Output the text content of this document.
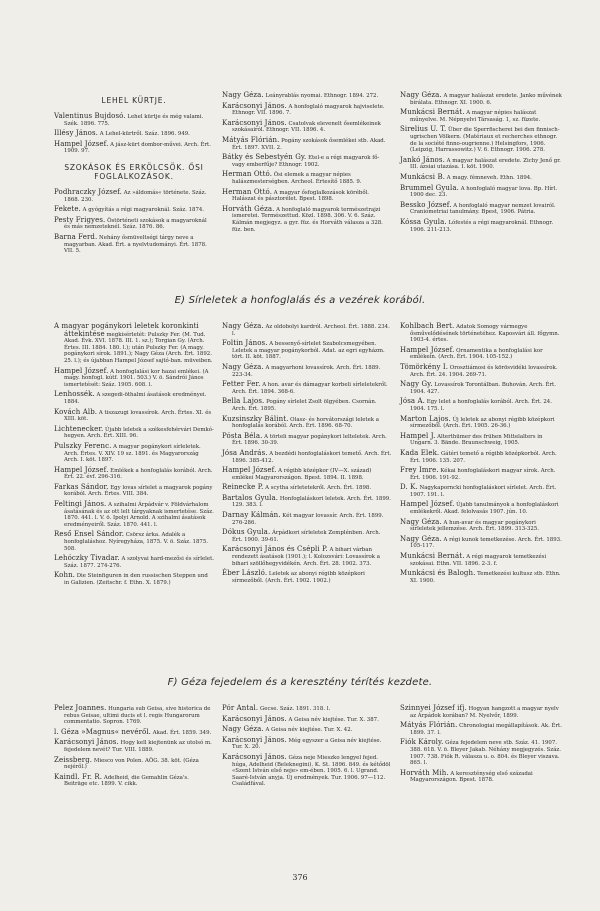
LEHEL KÜRTJE.
Valentinus Bujdosó. Lehel kürtje és még valami. Szék. 1896. 775.
Illésy János. A Lehel-kürtről. Száz. 1896. 949.
Hampel József. A jász-kürt dombor-művei. Arch. Ért. 1909. 97.
SZOKÁSOK ÉS ERKÖLCSÖK. ŐSI FOGLALKOZÁSOK.
Podhraczky József. Az »áldomás« története. Száz. 1868. 230.
Fekete. A gyógyítás a régi magyaroknál. Száz. 1874.
Pesty Frigyes. Östörténeti szokások a magyaroknál és más nemzeteknél. Száz. 1876. 86.
Barna Ferd. Nehány ősmüveltségi tárgy neve a magyarban. Akad. Ért. a nyelvtudományi. Ért. 1878. VII. 5.
Nagy Géza. Leányrablás nyomai. Ethnogr. 1894. 272.
Karácsonyi János. A honfoglaló magyarok hajviselete. Ethnogr. VII. 1896. 7.
Karácsonyi János. Csatolvak elevenelt ősemlékeinek szokásairól. Ethnogr. VII. 1896. 4.
Mátyás Flórián. Pogány szokások ősemlékei stb. Akad. Ért. 1897. XVII. 2.
Bátky és Sebestyén Gy. Etel-e a régi magyarok fő-vagy emberfűje? Ethnogr. 1902.
Herman Ottó. Ősi elemek a magyar népies halászmesterségben. Archeol. Értesítő 1885. 9.
Herman Ottó. A magyar ősfoglalkozások köréből. Halászat és pásztorélet. Bpest. 1898.
Horváth Géza. A honfoglaló magyarok természetrajzi ismeretei. Természettud. Közl. 1898. 306. V. 6. Száz. Kálmán megjegyz. a gyr. füz. és Horváth válasza a 328. füz. ben.
Nagy Géza. A magyar halászat eredete. Janko művének bírálata. Ethnogr. XI. 1900. 6.
Munkácsi Bernát. A magyar népies halászat műnyelve. M. Népnyelvi Társaság. 1, sz. füzete.
Sirelius U. T. Über die Sperrfischerei bei den finnisch-ugrischen Völkern. (Matériaux et recherches ethnogr. de la société finno-ougrienne.) Helsingfors, 1906. (Leipzig, Harrassowitz.) V. 6. Ethnogr. 1906. 278.
Jankó János. A magyar halászat eredete. Zichy Jenő gr. III. ázsiai utazása. I. köt. 1900.
Munkácsi B. A magy. fémneveh. Ethn. 1894.
Brummel Gyula. A honfoglaló magyar lova. Bp. Hírl. 1900 dec. 23.
Bessko József. A honfoglaló magyar nemzet lovairól. Craniometriai tanulmány. Bpest, 1906. Pátria.
Kóssa Gyula. Lófestés a régi magyaroknál. Ethnogr. 1906. 211-213.
E) Sírleletek a honfoglalás és a vezérek korából.
A magyar pogánykori leletek koronkinti áttekintése megkisérletét: Pulszky Fer. (M. Tud. Akad. Évk. XVI. 1878. III. 1. sz.); Torgian Gy. (Arch. Értes. III. 1884. 180. l.); után Pulszky Fer. (A magy. pogánykori sírok. 1891.); Nagy Géza (Arch. Ért. 1892. 25. l.); és újabban Hampel József sajtó-ban. müveiben.
Hampel József. A honfoglalási kor hazai emlékei. (A magy. honfogl. kútf. 1901. 503.) V. ö. Sándrói János ismertetését: Száz. 1905. 608. l.
Lenhossék. A szegedi-öthalmi ásatások eredményei. 1884.
Kovách Alb. A tiszazugi lovassírok. Arch. Értes. XI. és XIII. köt.
Lichtenecker. Újabb leletek a székesfehérvári Demkó-hegyen. Arch. Ért. XIII. 96.
Pulszky Ferenc. A magyar pogánykori sírleletek. Arch. Értes. V. XIV. 19 sz. 1891. és Magyarország Arch. I. köt. 1897.
Hampel József. Emlékek a honfoglalás korából. Arch. Ért. 22. évf. 296-316.
Farkas Sándor. Egy lovas sírlelet a magyarok pogány korából. Arch. Értes. VIII. 384.
Feltingi János. A szihalmi Árpádvár v. Földvárhalom ásatásának és az ott lelt tárgyaknak ismertetése. Száz. 1870. 441. l. V. ö. Ipolyi Arnold. A szihalmi ásatások eredményeiről. Száz. 1870. 441. l.
Reső Ensel Sándor. Csörsz árka. Adalék a honfoglaláshoz. Nyíregyháza, 1875. V. ö. Száz. 1875. 508.
Lehóczky Tivadar. A szolyvai hard-mezősi és sírlelet. Száz. 1877. 274-276.
Kohn. Die Steinfiguren in den russischen Steppen und in Galizien. (Zeitschr. f. Ethn. X. 1879.)
Nagy Géza. Az oldobolyi kardról. Archeol. Ért. 1888. 234. l.
Foltin János. A bessenyő-sírlelet Szabolcsmegyében. Leletek a magyar pogánykorból. Adat. az egri egyházm. tört. II. köt. 1887.
Nagy Géza. A magyarhoni lovassírok. Arch. Ért. 1889. 223-34.
Fetter Fer. A hon. avar és dámagyar korbeli sírleletekről. Arch. Ért. 1894. 368-6.
Bella Lajos. Pogány sírlelet Zsolt ölgyében. Csornán. Arch. Ért. 1895.
Kuzsinszky Bálint. Olasz- és horvátországi leletek a honfoglalás korából. Arch. Ért. 1896. 68-70.
Pósta Béla. A törteli magyar pogánykori lelteletek. Arch. Ért. 1896. 30-39.
Jósa András. A bezdédi honfoglaláskori temető. Arch. Ért. 1896. 385-412.
Hampel József. A régibb középkor (IV—X. század) emlékei Magyarországon. Bpest. 1894. II. 1898.
Reinecke P. A scytha sírletetekről. Arch. Ért. 1898.
Bartalos Gyula. Honfoglaláskori leletek. Arch. Ért. 1899. 129. 383. l.
Darnay Kálmán. Két magyar lovassír. Arch. Ért. 1899. 276-286.
Dókus Gyula. Árpádkori sírleletek Zemplénben. Arch. Ért. 1900. 39-61.
Karácsonyi János és Csépli P. A bihari várban rendezett ásatások (1901.); l. Kolozsvári: Lovassírok a bihari szöllőhegyvidékén. Arch. Ért. 28. 1902. 373.
Éber László. Leletek az abonyi régibb középkori sírmezőből. (Arch. Ért. 1902. 1902.)
Kohlbach Bert. Adatok Somogy vármegye ősművelődésének történetéhez. Kaposvári áll. főgymn. 1903-4. értes.
Hampel József. Ornamentika a honfoglalási kor emlékein. (Arch. Ért. 1904. 105-152.)
Tömörkény I. Orosztiámosi és körösvidéki lovassírok. Arch. Ért. 24. 1904. 269-71.
Nagy Gy. Lovassírok Torontálban. Buhován. Arch. Ért. 1904. 427.
Jósa A. Egy lelet a honfoglalás korából. Arch. Ért. 24. 1904. 175. l.
Marton Lajos. Új leletek az abonyi régibb középkori sírmezőből. (Arch. Ért. 1905. 26-36.)
Hampel J. Alterthümer des frühen Mittelalters in Ungarn. 3. Bände. Braunschweig, 1905.
Kada Elek. Gátéri temető a régibb középkorból. Arch. Ért. 1906. 135. 207.
Frey Imre. Kékai honfoglaláskori magyar sírok. Arch. Ért. 1906. 191-92.
D. K. Nagykaporncki honfoglaláskori sírlelet. Arch. Ért. 1907. 191. l.
Hampel József. Újabb tanulmányok a honfoglaláskori emlékekről. Akad. felolvasás 1907. jún. 10.
Nagy Géza. A hun-avar és magyar pogánykori sírleletek jellemzése. Arch. Ért. 1899. 313-325.
Nagy Géza. A régi kunok temetkezése. Arch. Ért. 1893. 105-117.
Munkácsi Bernát. A régi magyarok temetkezési szokásai. Ethn. VII. 1896. 2-3. f.
Munkácsi és Balogh. Temetkezési kultusz stb. Ethn. XI. 1900.
F) Géza fejedelem és a keresztény térítés kezdete.
Pelez Joannes. Hungaria sub Geisa, sive historica de rebus Geisae, ultimi ducis et l. regis Hungarorum commentatio. Sopron. 1769.
l. Géza »Magnus« nevéről. Akad. Ért. 1859. 349.
Karácsonyi János. Hogy kell kiejtenünk az utolsó m. fejedelem nevét? Tur. VIII. 1889.
Zeissberg. Miesco von Polen. AÖG. 38. köt. (Géza nejéről.)
Kaindl. Fr. R. Adelheid, die Gemahlin Géza's. Beiträge etc. 1899. V. cikk.
Pór Antal. Gecse. Száz. 1891. 318. l.
Karácsonyi János. A Geisa név kiejtése. Tur. X. 387.
Nagy Géza. A Geisa név kiejtése. Tur. X. 42.
Karácsonyi János. Még egyszer a Geisa név kiejtése. Tur. X. 20.
Karácsonyi János. Géza neje Mieszko lengyel fejed. húga, Adelheid (Beleknegini). K. St. 1896. 849. és kétődöl «Szent István első neje» em-ében. 1905. 6. l. Ugrand. Saaré-István anyja. Új eredmények. Tur. 1906. 97—112. Családfával.
Szinnyei József ifj. Hogyan hangzott a magyar nyelv az Árpádok korában? M. Nyelvőr, 1899.
Mátyás Flórián. Chronologiai megállapítások. Ak. Ért. 1899. 37. l.
Fiók Károly. Géza fejedelem neve stb. Száz. 41. 1907. 388. 618. V. ö. Bleyer Jakab. Néhány megjegyzés. Száz. 1907. 738. Fiók R. válasza u. o. 804. és Bleyer viszava. 865. l.
Horváth Mih. A kereszténység első századai Magyarországon. Bpest. 1878.
376
